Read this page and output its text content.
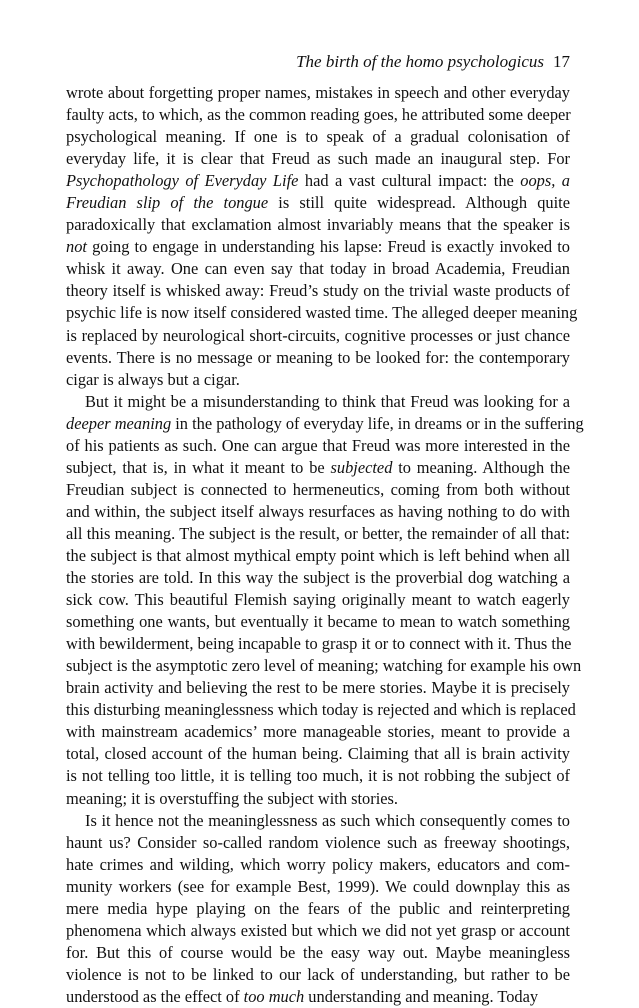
The birth of the homo psychologicus 17
wrote about forgetting proper names, mistakes in speech and other everyday
faulty acts, to which, as the common reading goes, he attributed some deeper
psychological meaning. If one is to speak of a gradual colonisation of
everyday life, it is clear that Freud as such made an inaugural step. For
Psychopathology of Everyday Life had a vast cultural impact: the oops, a
Freudian slip of the tongue is still quite widespread. Although quite
paradoxically that exclamation almost invariably means that the speaker is
not going to engage in understanding his lapse: Freud is exactly invoked to
whisk it away. One can even say that today in broad Academia, Freudian
theory itself is whisked away: Freud’s study on the trivial waste products of
psychic life is now itself considered wasted time. The alleged deeper meaning
is replaced by neurological short-circuits, cognitive processes or just chance
events. There is no message or meaning to be looked for: the contemporary
cigar is always but a cigar.
But it might be a misunderstanding to think that Freud was looking for a
deeper meaning in the pathology of everyday life, in dreams or in the suffering
of his patients as such. One can argue that Freud was more interested in the
subject, that is, in what it meant to be subjected to meaning. Although the
Freudian subject is connected to hermeneutics, coming from both without
and within, the subject itself always resurfaces as having nothing to do with
all this meaning. The subject is the result, or better, the remainder of all that:
the subject is that almost mythical empty point which is left behind when all
the stories are told. In this way the subject is the proverbial dog watching a
sick cow. This beautiful Flemish saying originally meant to watch eagerly
something one wants, but eventually it became to mean to watch something
with bewilderment, being incapable to grasp it or to connect with it. Thus the
subject is the asymptotic zero level of meaning; watching for example his own
brain activity and believing the rest to be mere stories. Maybe it is precisely
this disturbing meaninglessness which today is rejected and which is replaced
with mainstream academics’ more manageable stories, meant to provide a
total, closed account of the human being. Claiming that all is brain activity
is not telling too little, it is telling too much, it is not robbing the subject of
meaning; it is overstuffing the subject with stories.
Is it hence not the meaninglessness as such which consequently comes to
haunt us? Consider so-called random violence such as freeway shootings,
hate crimes and wilding, which worry policy makers, educators and com-
munity workers (see for example Best, 1999). We could downplay this as
mere media hype playing on the fears of the public and reinterpreting
phenomena which always existed but which we did not yet grasp or account
for. But this of course would be the easy way out. Maybe meaningless
violence is not to be linked to our lack of understanding, but rather to be
understood as the effect of too much understanding and meaning. Today
